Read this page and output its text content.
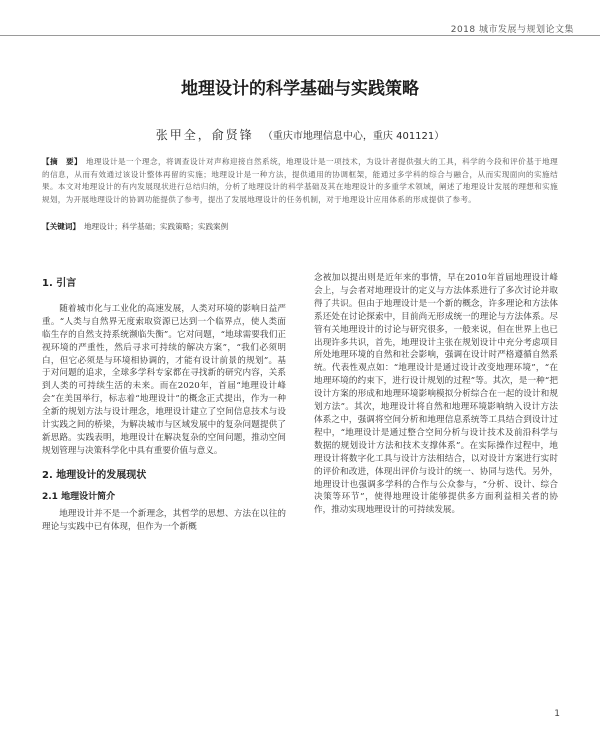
2018 城市发展与规划论文集
地理设计的科学基础与实践策略
张甲全，俞贤锋 （重庆市地理信息中心，重庆 401121）
【摘　要】 地理设计是一个理念，将调查设计对声称迎接自然系统，地理设计是一项技术，为设计者提供强大的工具，科学的今段和评价基于地理的信息，从而有效通过该设计整体再留的实施；地理设计是一种方法，提供通用的协调框架，能通过多学科的综合与融合，从而实现面向的实施结果。本文对地理设计的有内发展现状进行总结归纳，分析了地理设计的科学基础及其在地理设计的多重学术领域，阐述了地理设计发展的理想和实施规划，为开展地理设计的协调功能提供了参考，提出了发展地理设计的任务机制，对于地理设计应用体系的形成提供了参考。
【关键词】 地理设计；科学基础；实践策略；实践案例
1. 引言

随着城市化与工业化的高速发展，人类对环境的影响日益严重。“人类与自然界无度索取资源已达到一个临界点，使人类面临生存的自然支持系统濒临失衡”。它对问题，“地球需要我们正视环境的严重性，然后寻求可持续的解决方案”，“我们必须明白，但它必须是与环境相协调的，才能有设计前景的规划”。基于对问题的追求，全球多学科专家都在寻找新的研究内容，关系到人类的可持续生活的未来。而在2020年，首届“地理设计峰会”在美国举行，标志着“地理设计”的概念正式提出，作为一种全新的规划方法与设计理念，地理设计建立了空间信息技术与设计实践之间的桥梁，为解决城市与区域发展中的复杂问题提供了新思路。实践表明，地理设计在解决复杂的空间问题，推动空间规划管理与决策科学化中具有重要价值与意义。

2. 地理设计的发展现状
2.1 地理设计简介

地理设计并不是一个新理念，其哲学的思想、方法在以往的理论与实践中已有体现，但作为一个新概

念被加以提出则是近年来的事情，早在2010年首届地理设计峰会上，与会者对地理设计的定义与方法体系进行了多次讨论并取得了共识。但由于地理设计是一个新的概念，许多理论和方法体系还处在讨论探索中，目前尚无形成统一的理论与方法体系。尽管有关地理设计的讨论与研究很多，一般来说，但在世界上也已出现许多共识，首先，地理设计主张在规划设计中充分考虑项目所处地理环境的自然和社会影响，强调在设计时严格遵循自然系统。代表性观点如：“地理设计是通过设计改变地理环境”，“在地理环境的约束下，进行设计规划的过程”等。其次，是一种“把设计方案的形成和地理环境影响模拟分析综合在一起的设计和规划方法”。其次，地理设计将自然和地理环境影响纳入设计方法体系之中，强调将空间分析和地理信息系统等工具结合到设计过程中，“地理设计是通过整合空间分析与设计技术及前沿科学与数据的规划设计方法和技术支撑体系”。在实际操作过程中，地理设计将数字化工具与设计方法相结合，以对设计方案进行实时的评价和改进，体现出评价与设计的统一、协同与迭代。另外，地理设计也强调多学科的合作与公众参与，“分析、设计、综合决策等环节”，使得地理设计能够提供多方面利益相关者的协作，推动实现地理设计的可持续发展。

1
